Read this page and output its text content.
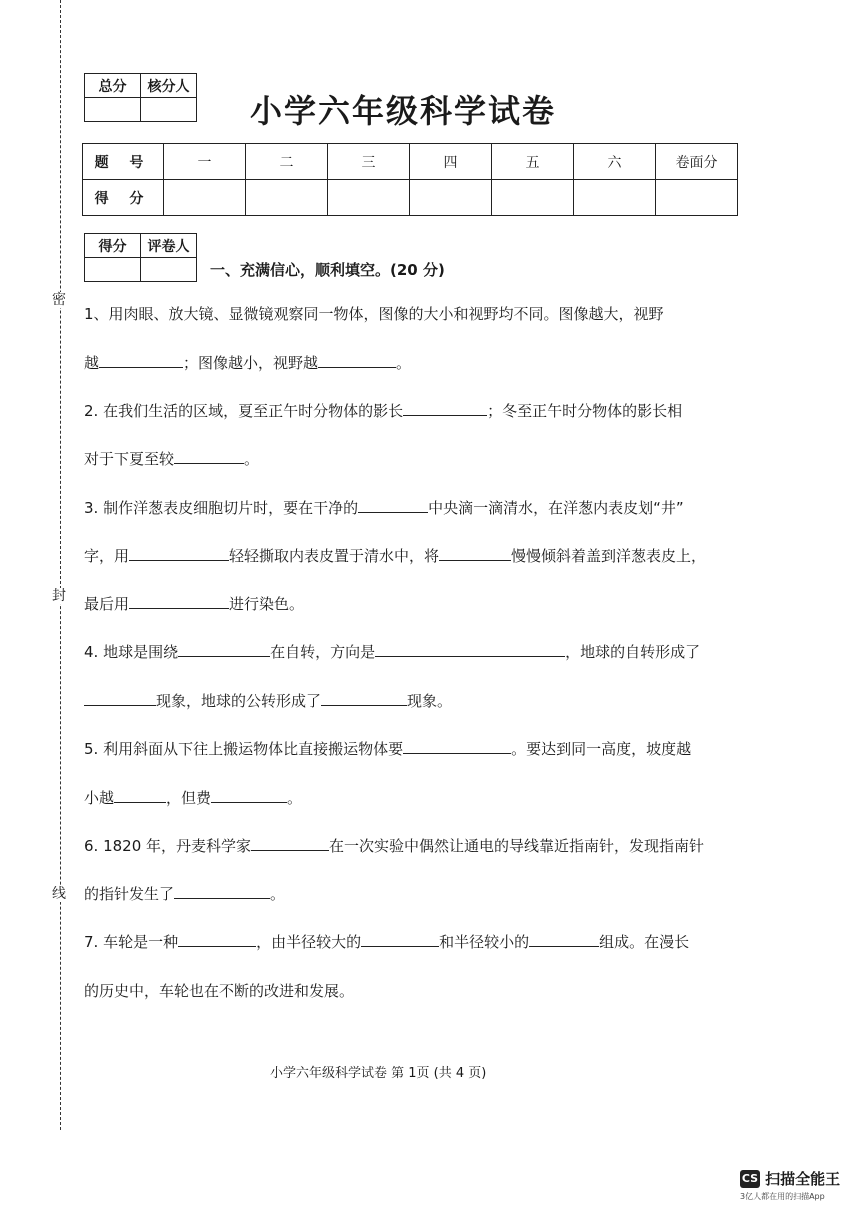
密
封
线
总分	核分人

小学六年级科学试卷
题 号	一	二	三	四	五	六	卷面分
得 分							
得分	评卷人

一、充满信心，顺利填空。(20 分)
1、用肉眼、放大镜、显微镜观察同一物体，图像的大小和视野均不同。图像越大，视野
越	；图像越小，视野越	。
2. 在我们生活的区域，夏至正午时分物体的影长	；冬至正午时分物体的影长相
对于下夏至较	。
3. 制作洋葱表皮细胞切片时，要在干净的	中央滴一滴清水，在洋葱内表皮划“井”
字，用	轻轻撕取内表皮置于清水中，将	慢慢倾斜着盖到洋葱表皮上，
最后用	进行染色。
4. 地球是围绕	在自转，方向是	，地球的自转形成了
现象，地球的公转形成了	现象。
5. 利用斜面从下往上搬运物体比直接搬运物体要	。要达到同一高度，坡度越
小越	，但费	。
6. 1820 年，丹麦科学家	在一次实验中偶然让通电的导线靠近指南针，发现指南针
的指针发生了	。
7. 车轮是一种	，由半径较大的	和半径较小的	组成。在漫长
的历史中，车轮也在不断的改进和发展。
小学六年级科学试卷 第 1页 (共 4 页)
CS 扫描全能王
3亿人都在用的扫描App
